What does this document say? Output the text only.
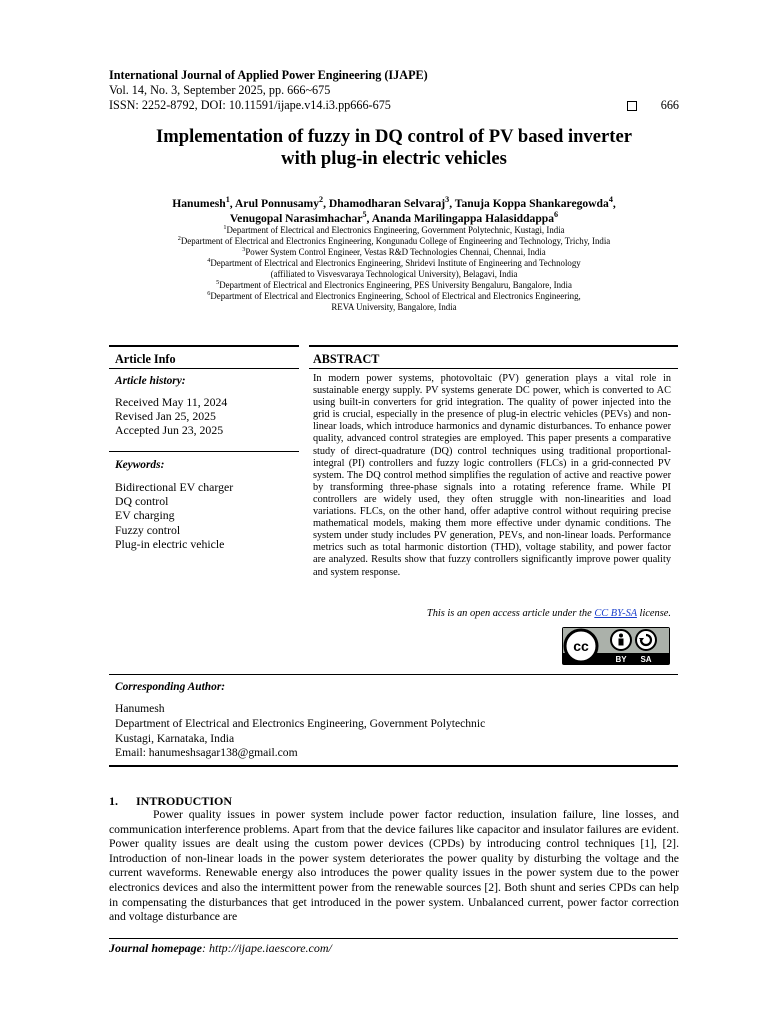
International Journal of Applied Power Engineering (IJAPE)
Vol. 14, No. 3, September 2025, pp. 666~675
ISSN: 2252-8792, DOI: 10.11591/ijape.v14.i3.pp666-675	666
Implementation of fuzzy in DQ control of PV based inverter
with plug-in electric vehicles
Hanumesh$^1$, Arul Ponnusamy$^2$, Dhamodharan Selvaraj$^3$, Tanuja Koppa Shankaregowda$^4$,
Venugopal Narasimhachar$^5$, Ananda Marilingappa Halasiddappa$^6$
$^1$Department of Electrical and Electronics Engineering, Government Polytechnic, Kustagi, India
$^2$Department of Electrical and Electronics Engineering, Kongunadu College of Engineering and Technology, Trichy, India
$^3$Power System Control Engineer, Vestas R&D Technologies Chennai, Chennai, India
$^4$Department of Electrical and Electronics Engineering, Shridevi Institute of Engineering and Technology
(affiliated to Visvesvaraya Technological University), Belagavi, India
$^5$Department of Electrical and Electronics Engineering, PES University Bengaluru, Bangalore, India
$^6$Department of Electrical and Electronics Engineering, School of Electrical and Electronics Engineering,
REVA University, Bangalore, India
Article Info	ABSTRACT
Article history:
Received May 11, 2024
Revised Jan 25, 2025
Accepted Jun 23, 2025
Keywords:
Bidirectional EV charger
DQ control
EV charging
Fuzzy control
Plug-in electric vehicle
In modern power systems, photovoltaic (PV) generation plays a vital role in sustainable energy supply. PV systems generate DC power, which is converted to AC using built-in converters for grid integration. The quality of power injected into the grid is crucial, especially in the presence of plug-in electric vehicles (PEVs) and non-linear loads, which introduce harmonics and dynamic disturbances. To enhance power quality, advanced control strategies are employed. This paper presents a comparative study of direct-quadrature (DQ) control techniques using traditional proportional-integral (PI) controllers and fuzzy logic controllers (FLCs) in a grid-connected PV system. The DQ control method simplifies the regulation of active and reactive power by transforming three-phase signals into a rotating reference frame. While PI controllers are widely used, they often struggle with non-linearities and load variations. FLCs, on the other hand, offer adaptive control without requiring precise mathematical models, making them more effective under dynamic conditions. The system under study includes PV generation, PEVs, and non-linear loads. Performance metrics such as total harmonic distortion (THD), voltage stability, and power factor are analyzed. Results show that fuzzy controllers significantly improve power quality and system response.
This is an open access article under the CC BY-SA license.
cc
BY SA
Corresponding Author:
Hanumesh
Department of Electrical and Electronics Engineering, Government Polytechnic
Kustagi, Karnataka, India
Email: hanumeshsagar138@gmail.com
1.      INTRODUCTION

Power quality issues in power system include power factor reduction, insulation failure, line losses, and communication interference problems. Apart from that the device failures like capacitor and insulator failures are evident. Power quality issues are dealt using the custom power devices (CPDs) by introducing control techniques [1], [2]. Introduction of non-linear loads in the power system deteriorates the power quality by disturbing the voltage and the current waveforms. Renewable energy also introduces the power quality issues in the power system due to the power electronics devices and also the intermittent power from the renewable sources [2]. Both shunt and series CPDs can help in compensating the disturbances that get introduced in the power system. Unbalanced current, power factor correction and voltage disturbance are

Journal homepage: http://ijape.iaescore.com/
